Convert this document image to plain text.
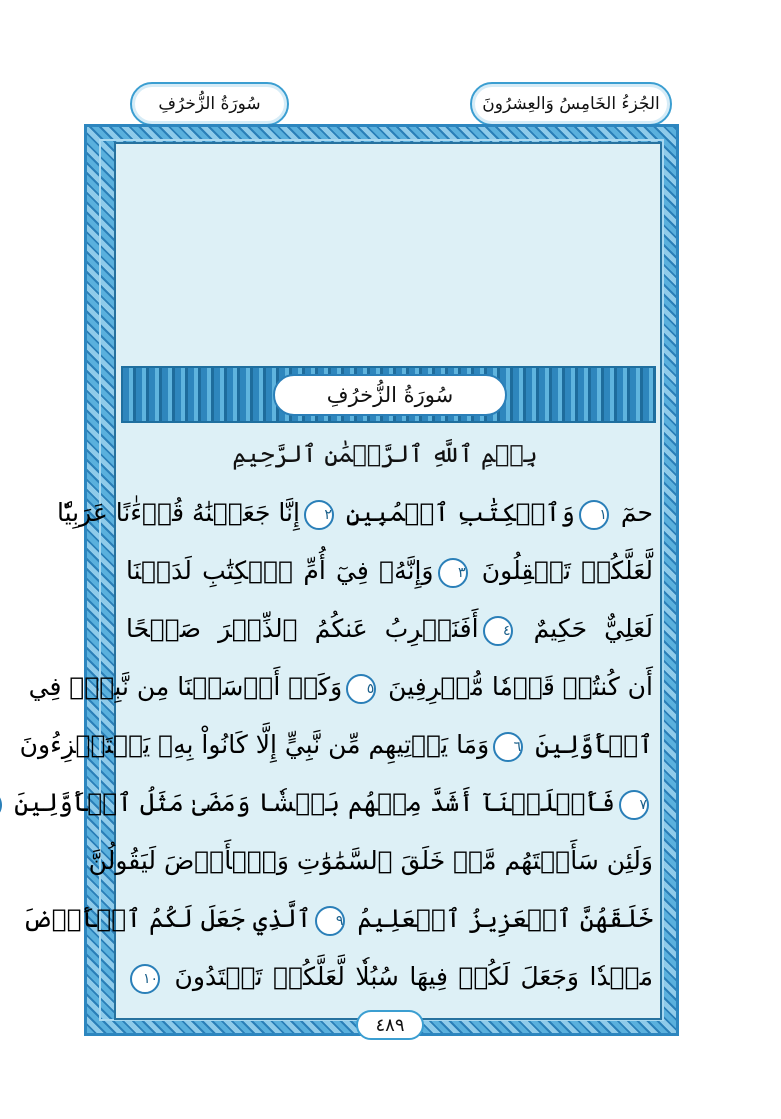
الجُزءُ الخَامِسُ وَالعِشرُونَ
سُورَةُ الزُّخرُفِ
سُورَةُ الزُّخرُفِ
بِسۡمِ ٱللَّهِ ٱلرَّحۡمَٰنِ ٱلرَّحِيمِ
حمٓ ١وَٱلۡكِتَٰبِ ٱلۡمُبِينِ ٢إِنَّا جَعَلۡنَٰهُ قُرۡءَٰنًا عَرَبِيّٗا
لَّعَلَّكُمۡ تَعۡقِلُونَ ٣وَإِنَّهُۥ فِيٓ أُمِّ ٱلۡكِتَٰبِ لَدَيۡنَا
لَعَلِيٌّ حَكِيمٌ ٤أَفَنَضۡرِبُ عَنكُمُ ٱلذِّكۡرَ صَفۡحًا
أَن كُنتُمۡ قَوۡمٗا مُّسۡرِفِينَ ٥وَكَمۡ أَرۡسَلۡنَا مِن نَّبِيّٖ فِي
ٱلۡأَوَّلِينَ ٦وَمَا يَأۡتِيهِم مِّن نَّبِيٍّ إِلَّا كَانُواْ بِهِۦ يَسۡتَهۡزِءُونَ
٧فَأَهۡلَكۡنَآ أَشَدَّ مِنۡهُم بَطۡشٗا وَمَضَىٰ مَثَلُ ٱلۡأَوَّلِينَ
وَلَئِن سَأَلۡتَهُم مَّنۡ خَلَقَ ٱلسَّمَٰوَٰتِ وَٱلۡأَرۡضَ لَيَقُولُنَّ
خَلَقَهُنَّ ٱلۡعَزِيزُ ٱلۡعَلِيمُ ٩ٱلَّذِي جَعَلَ لَكُمُ ٱلۡأَرۡضَ
مَهۡدٗا وَجَعَلَ لَكُمۡ فِيهَا سُبُلٗا لَّعَلَّكُمۡ تَهۡتَدُونَ ١٠
٤٨٩
